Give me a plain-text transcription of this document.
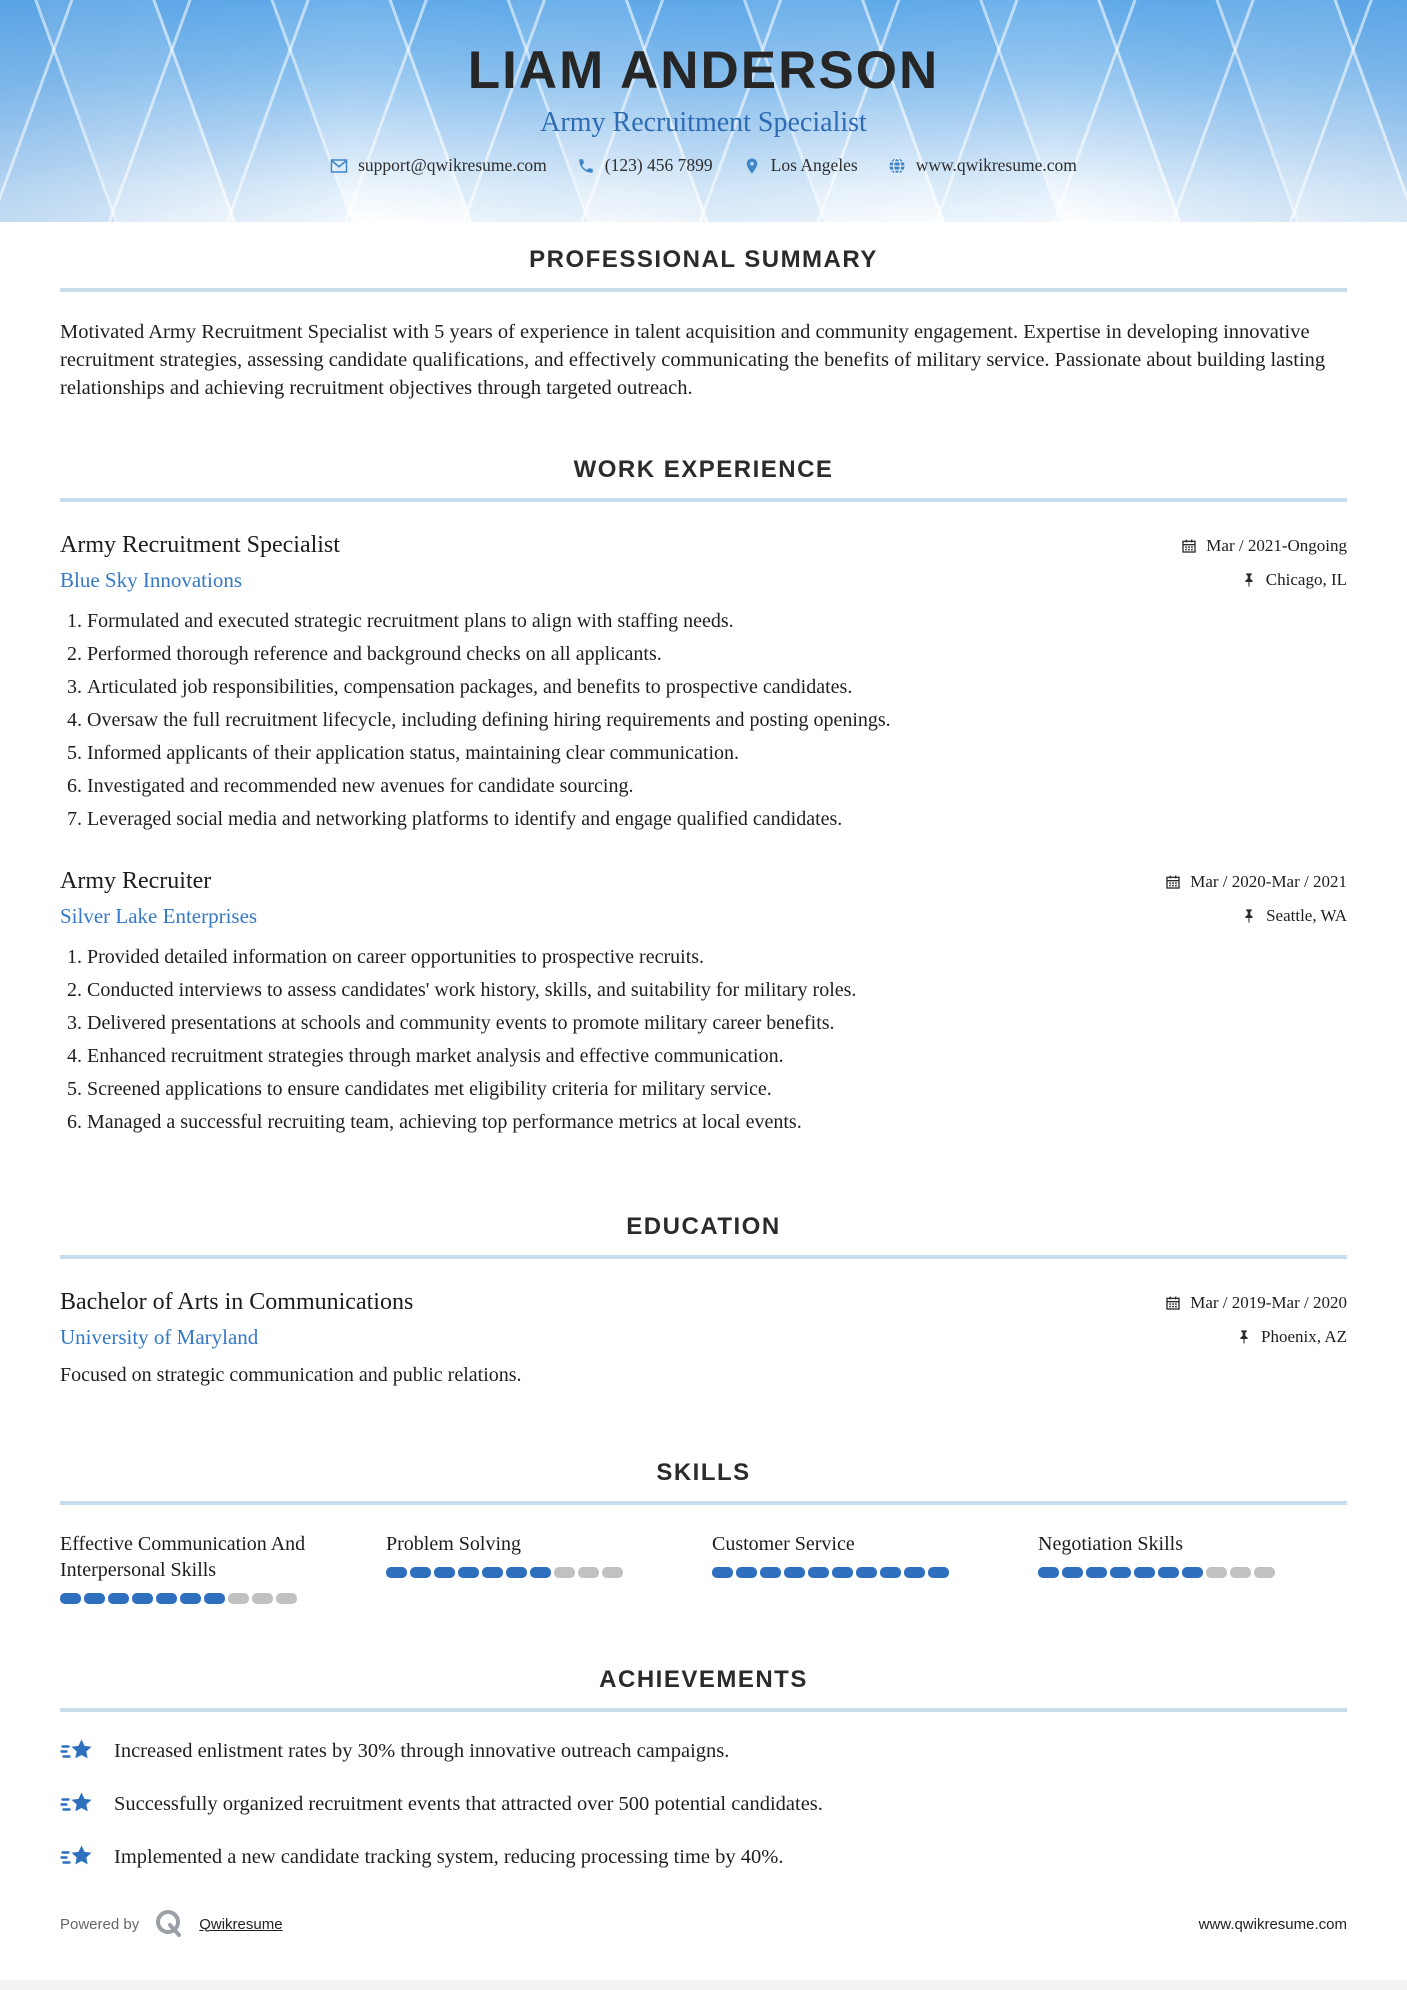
LIAM ANDERSON
Army Recruitment Specialist
support@qwikresume.com	(123) 456 7899	Los Angeles	www.qwikresume.com
PROFESSIONAL SUMMARY

Motivated Army Recruitment Specialist with 5 years of experience in talent acquisition and community engagement. Expertise in developing innovative recruitment strategies, assessing candidate qualifications, and effectively communicating the benefits of military service. Passionate about building lasting relationships and achieving recruitment objectives through targeted outreach.

WORK EXPERIENCE
Army Recruitment Specialist
Blue Sky Innovations
Mar / 2021-Ongoing
Chicago, IL
1. Formulated and executed strategic recruitment plans to align with staffing needs.
2. Performed thorough reference and background checks on all applicants.
3. Articulated job responsibilities, compensation packages, and benefits to prospective candidates.
4. Oversaw the full recruitment lifecycle, including defining hiring requirements and posting openings.
5. Informed applicants of their application status, maintaining clear communication.
6. Investigated and recommended new avenues for candidate sourcing.
7. Leveraged social media and networking platforms to identify and engage qualified candidates.
Army Recruiter
Silver Lake Enterprises
Mar / 2020-Mar / 2021
Seattle, WA
1. Provided detailed information on career opportunities to prospective recruits.
2. Conducted interviews to assess candidates' work history, skills, and suitability for military roles.
3. Delivered presentations at schools and community events to promote military career benefits.
4. Enhanced recruitment strategies through market analysis and effective communication.
5. Screened applications to ensure candidates met eligibility criteria for military service.
6. Managed a successful recruiting team, achieving top performance metrics at local events.
EDUCATION
Bachelor of Arts in Communications
University of Maryland
Mar / 2019-Mar / 2020
Phoenix, AZ

Focused on strategic communication and public relations.

SKILLS
Effective Communication And Interpersonal Skills
Problem Solving	Customer Service	Negotiation Skills
ACHIEVEMENTS
Increased enlistment rates by 30% through innovative outreach campaigns.
Successfully organized recruitment events that attracted over 500 potential candidates.
Implemented a new candidate tracking system, reducing processing time by 40%.
Powered by	Qwikresume	www.qwikresume.com
